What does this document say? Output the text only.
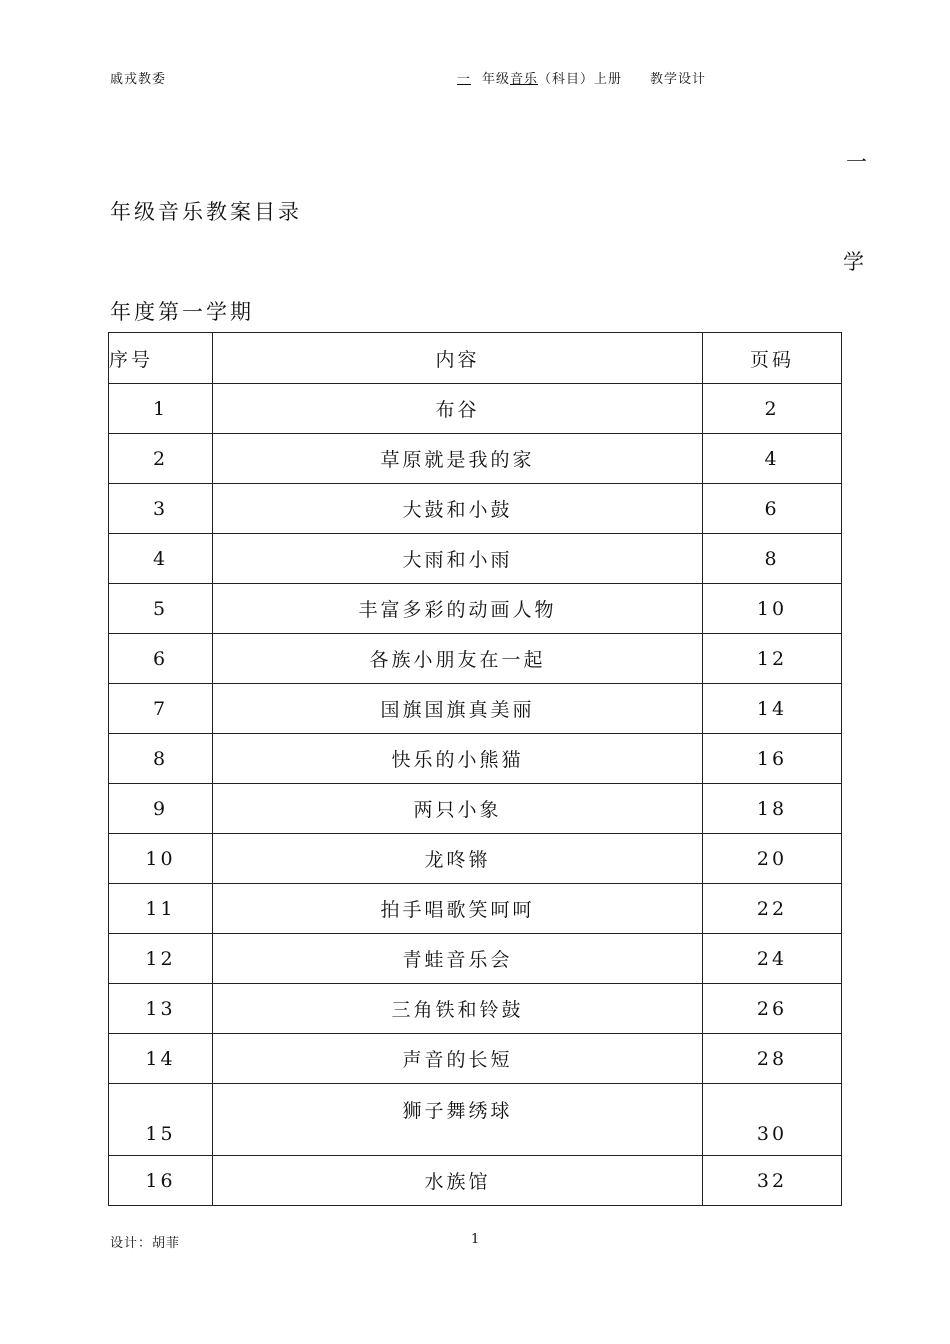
戚戎教委	一 年级音乐（科目）上册 教学设计
一
年级音乐教案目录
学
年度第一学期
序号	内容	页码
1	布谷	2
2	草原就是我的家	4
3	大鼓和小鼓	6
4	大雨和小雨	8
5	丰富多彩的动画人物	10
6	各族小朋友在一起	12
7	国旗国旗真美丽	14
8	快乐的小熊猫	16
9	两只小象	18
10	龙咚锵	20
11	拍手唱歌笑呵呵	22
12	青蛙音乐会	24
13	三角铁和铃鼓	26
14	声音的长短	28
15	狮子舞绣球	30
16	水族馆	32
设计：胡菲	1
